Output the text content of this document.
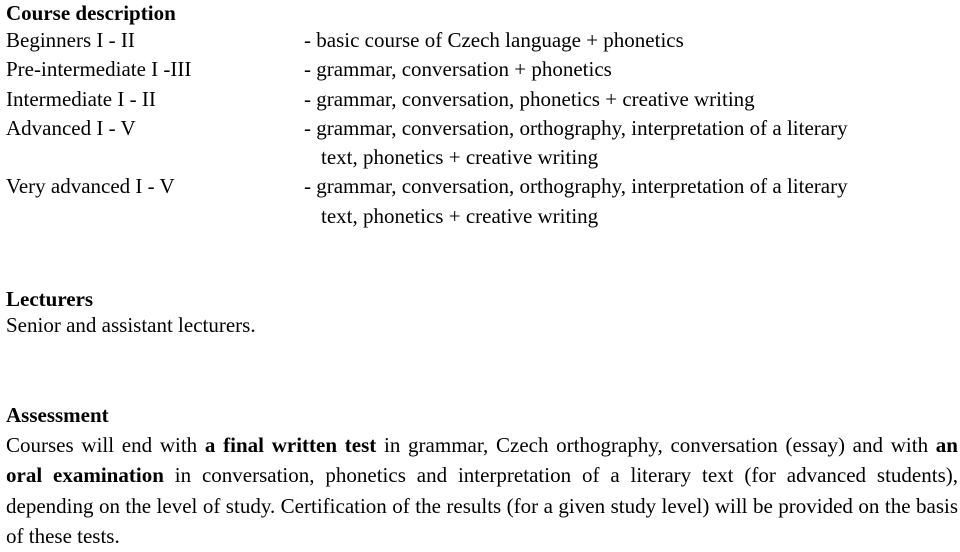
Course description
Beginners I - II	- basic course of Czech language + phonetics
Pre-intermediate I -III	- grammar, conversation + phonetics
Intermediate I - II	- grammar, conversation, phonetics + creative writing
Advanced I - V	- grammar, conversation, orthography, interpretation of a literary
text, phonetics + creative writing
Very advanced I - V	- grammar, conversation, orthography, interpretation of a literary
text, phonetics + creative writing
Lecturers
Senior and assistant lecturers.
Assessment
Courses will end with a final written test in grammar, Czech orthography, conversation (essay) and with an oral examination in conversation, phonetics and interpretation of a literary text (for advanced students), depending on the level of study. Certification of the results (for a given study level) will be provided on the basis of these tests.
